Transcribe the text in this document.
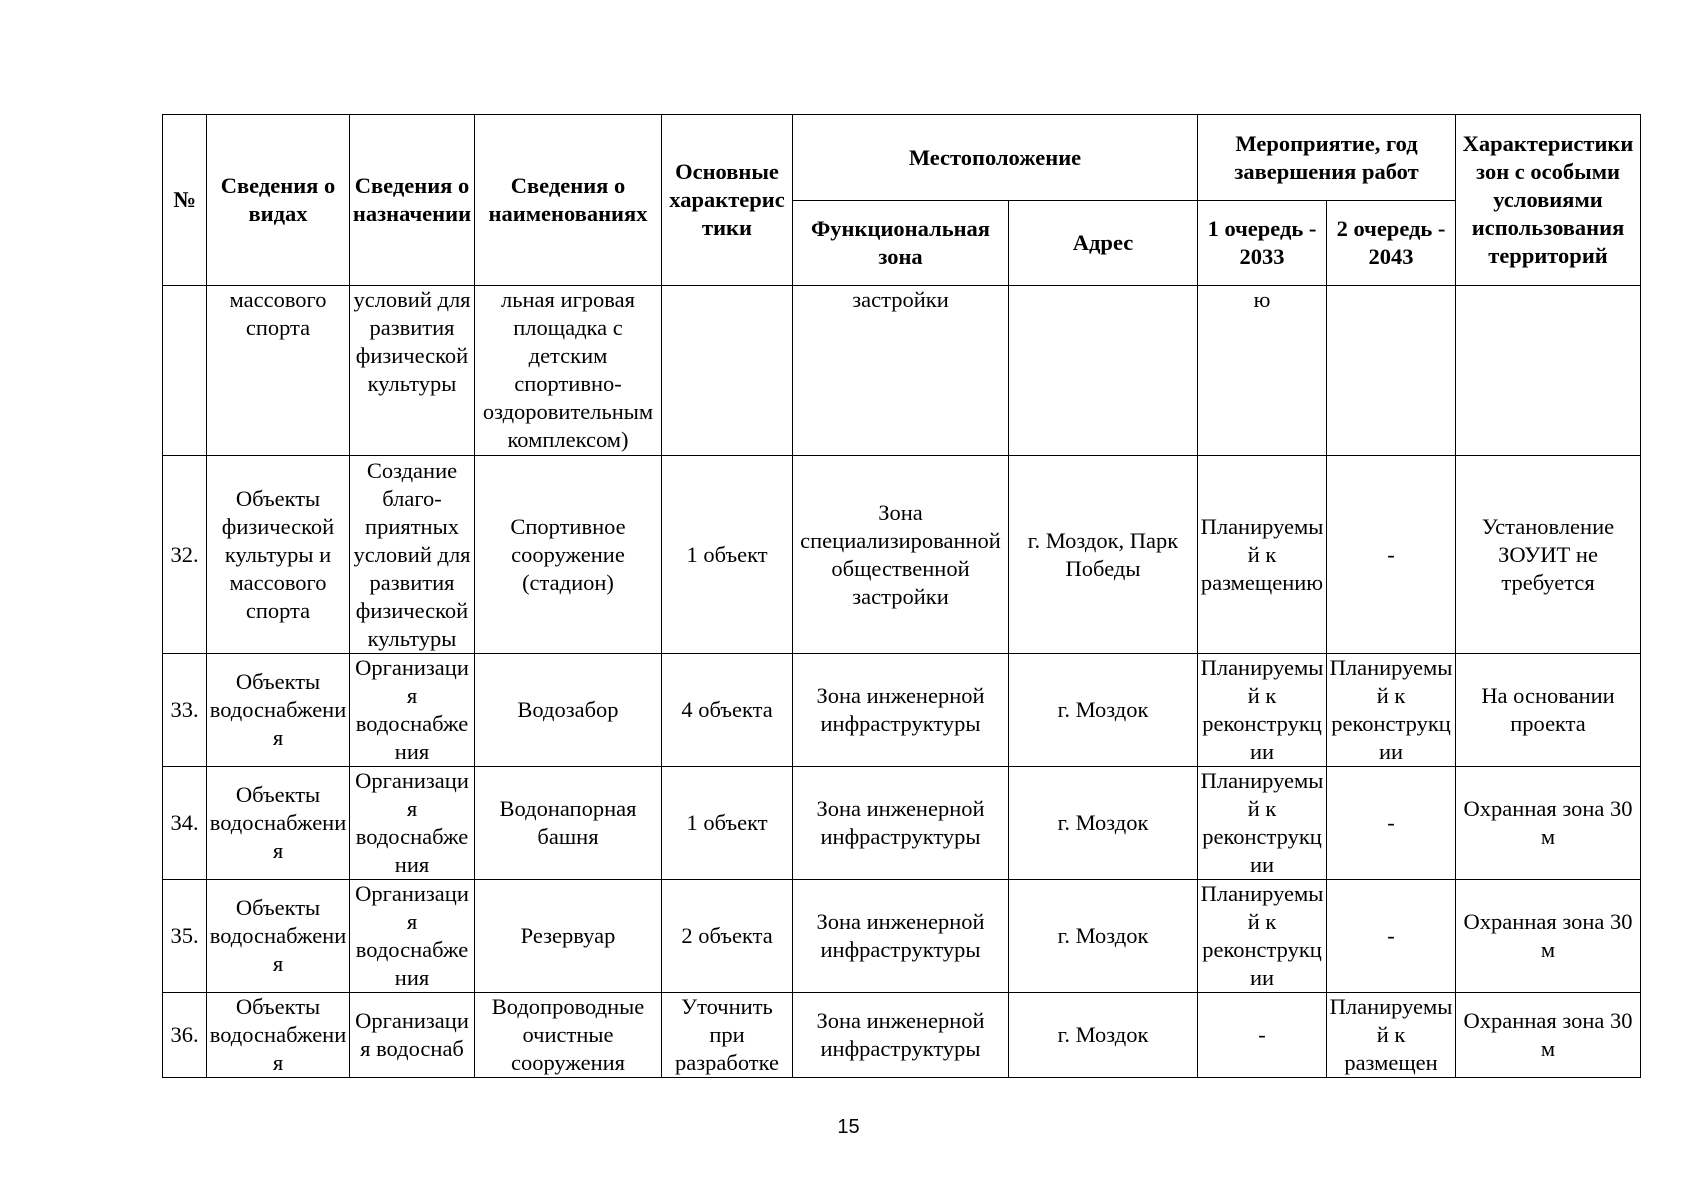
№	Сведения о видах	Сведения о назначении	Сведения о наименованиях	Основные характеристики	Местоположение		Мероприятие, год завершения работ		Характеристики зон с особыми условиями использования территорий
					Функциональная зона	Адрес	1 очередь - 2033	2 очередь - 2043	
	массового спорта	условий для развития физической культуры	льная игровая площадка с детским спортивно-оздоровительным комплексом)		застройки		ю		
32.	Объекты физической культуры и массового спорта	Создание благо-приятных условий для развития физической культуры	Спортивное сооружение (стадион)	1 объект	Зона специализированной общественной застройки	г. Моздок, Парк Победы	Планируемый к размещению	-	Установление ЗОУИТ не требуется
33.	Объекты водоснабжения	Организация водоснабжения	Водозабор	4 объекта	Зона инженерной инфраструктуры	г. Моздок	Планируемый к реконструкции	Планируемый к реконструкции	На основании проекта
34.	Объекты водоснабжения	Организация водоснабжения	Водонапорная башня	1 объект	Зона инженерной инфраструктуры	г. Моздок	Планируемый к реконструкции	-	Охранная зона 30 м
35.	Объекты водоснабжения	Организация водоснабжения	Резервуар	2 объекта	Зона инженерной инфраструктуры	г. Моздок	Планируемый к реконструкции	-	Охранная зона 30 м
36.	Объекты водоснабжения	Организация водоснаб	Водопроводные очистные сооружения	Уточнить при разработке	Зона инженерной инфраструктуры	г. Моздок	-	Планируемый к размещен	Охранная зона 30 м
15
